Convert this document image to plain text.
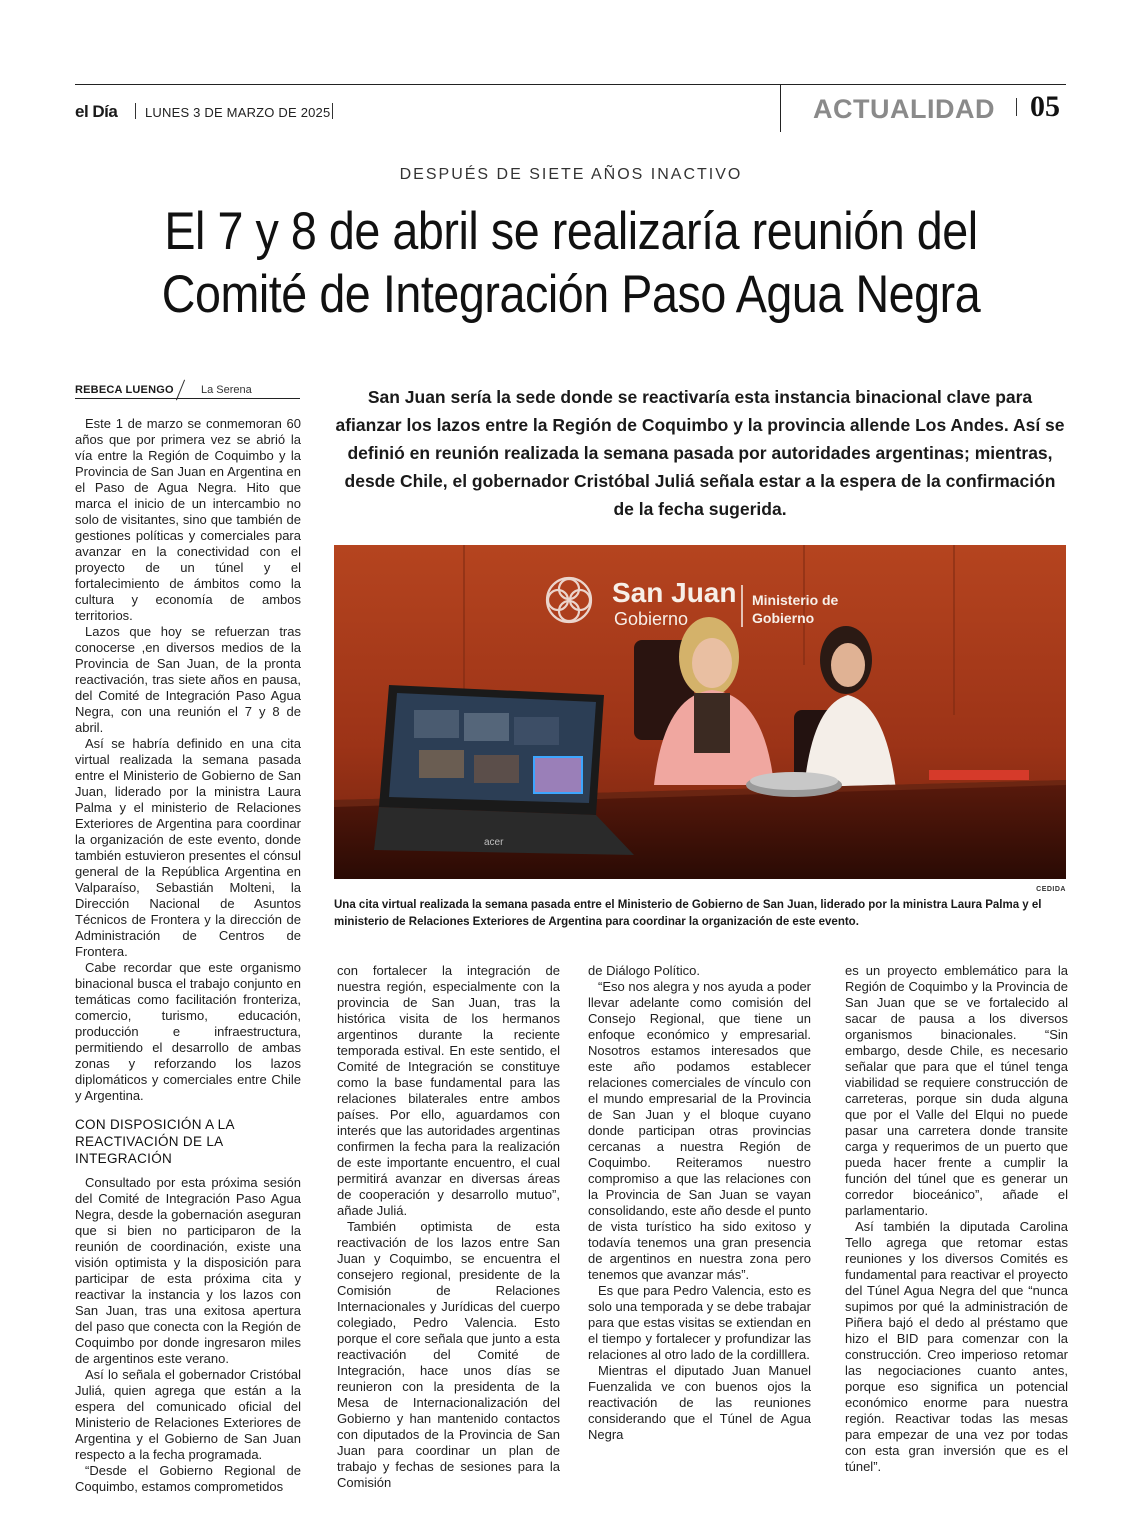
el Día LUNES 3 DE MARZO DE 2025	ACTUALIDAD 05
DESPUÉS DE SIETE AÑOS INACTIVO
El 7 y 8 de abril se realizaría reunión del
Comité de Integración Paso Agua Negra
REBECA LUENGO La Serena	San Juan sería la sede donde se reactivaría esta instancia binacional clave para afianzar los lazos entre la Región de Coquimbo y la provincia allende Los Andes. Así se definió en reunión realizada la semana pasada por autoridades argentinas; mientras, desde Chile, el gobernador Cristóbal Juliá señala estar a la espera de la confirmación de la fecha sugerida.
acer
San Juan
Gobierno
Ministerio de
Gobierno
CEDIDA
Una cita virtual realizada la semana pasada entre el Ministerio de Gobierno de San Juan, liderado por la ministra Laura Palma y el ministerio de Relaciones Exteriores de Argentina para coordinar la organización de este evento.

Este 1 de marzo se conmemoran 60 años que por primera vez se abrió la vía entre la Región de Coquimbo y la Provincia de San Juan en Argentina en el Paso de Agua Negra. Hito que marca el inicio de un intercambio no solo de visitantes, sino que también de gestiones políticas y comerciales para avanzar en la conectividad con el proyecto de un túnel y el fortalecimiento de ámbitos como la cultura y economía de ambos territorios.

Lazos que hoy se refuerzan tras conocerse ,en diversos medios de la Provincia de San Juan, de la pronta reactivación, tras siete años en pausa, del Comité de Integración Paso Agua Negra, con una reunión el 7 y 8 de abril.

Así se habría definido en una cita virtual realizada la semana pasada entre el Ministerio de Gobierno de San Juan, liderado por la ministra Laura Palma y el ministerio de Relaciones Exteriores de Argentina para coordinar la organización de este evento, donde también estuvieron presentes el cónsul general de la República Argentina en Valparaíso, Sebastián Molteni, la Dirección Nacional de Asuntos Técnicos de Frontera y la dirección de Administración de Centros de Frontera.

Cabe recordar que este organismo binacional busca el trabajo conjunto en temáticas como facilitación fronteriza, comercio, turismo, educación, producción e infraestructura, permitiendo el desarrollo de ambas zonas y reforzando los lazos diplomáticos y comerciales entre Chile y Argentina.

CON DISPOSICIÓN A LA REACTIVACIÓN DE LA INTEGRACIÓN

Consultado por esta próxima sesión del Comité de Integración Paso Agua Negra, desde la gobernación aseguran que si bien no participaron de la reunión de coordinación, existe una visión optimista y la disposición para participar de esta próxima cita y reactivar la instancia y los lazos con San Juan, tras una exitosa apertura del paso que conecta con la Región de Coquimbo por donde ingresaron miles de argentinos este verano.

Así lo señala el gobernador Cristóbal Juliá, quien agrega que están a la espera del comunicado oficial del Ministerio de Relaciones Exteriores de Argentina y el Gobierno de San Juan respecto a la fecha programada.

“Desde el Gobierno Regional de Coquimbo, estamos comprometidos

con fortalecer la integración de nuestra región, especialmente con la provincia de San Juan, tras la histórica visita de los hermanos argentinos durante la reciente temporada estival. En este sentido, el Comité de Integración se constituye como la base fundamental para las relaciones bilaterales entre ambos países. Por ello, aguardamos con interés que las autoridades argentinas confirmen la fecha para la realización de este importante encuentro, el cual permitirá avanzar en diversas áreas de cooperación y desarrollo mutuo”, añade Juliá.

También optimista de esta reactivación de los lazos entre San Juan y Coquimbo, se encuentra el consejero regional, presidente de la Comisión de Relaciones Internacionales y Jurídicas del cuerpo colegiado, Pedro Valencia. Esto porque el core señala que junto a esta reactivación del Comité de Integración, hace unos días se reunieron con la presidenta de la Mesa de Internacionalización del Gobierno y han mantenido contactos con diputados de la Provincia de San Juan para coordinar un plan de trabajo y fechas de sesiones para la Comisión

de Diálogo Político.

“Eso nos alegra y nos ayuda a poder llevar adelante como comisión del Consejo Regional, que tiene un enfoque económico y empresarial. Nosotros estamos interesados que este año podamos establecer relaciones comerciales de vínculo con el mundo empresarial de la Provincia de San Juan y el bloque cuyano donde participan otras provincias cercanas a nuestra Región de Coquimbo. Reiteramos nuestro compromiso a que las relaciones con la Provincia de San Juan se vayan consolidando, este año desde el punto de vista turístico ha sido exitoso y todavía tenemos una gran presencia de argentinos en nuestra zona pero tenemos que avanzar más”.

Es que para Pedro Valencia, esto es solo una temporada y se debe trabajar para que estas visitas se extiendan en el tiempo y fortalecer y profundizar las relaciones al otro lado de la cordilllera.

Mientras el diputado Juan Manuel Fuenzalida ve con buenos ojos la reactivación de las reuniones considerando que el Túnel de Agua Negra

es un proyecto emblemático para la Región de Coquimbo y la Provincia de San Juan que se ve fortalecido al sacar de pausa a los diversos organismos binacionales. “Sin embargo, desde Chile, es necesario señalar que para que el túnel tenga viabilidad se requiere construcción de carreteras, porque sin duda alguna que por el Valle del Elqui no puede pasar una carretera donde transite carga y requerimos de un puerto que pueda hacer frente a cumplir la función del túnel que es generar un corredor bioceánico”, añade el parlamentario.

Así también la diputada Carolina Tello agrega que retomar estas reuniones y los diversos Comités es fundamental para reactivar el proyecto del Túnel Agua Negra del que “nunca supimos por qué la administración de Piñera bajó el dedo al préstamo que hizo el BID para comenzar con la construcción. Creo imperioso retomar las negociaciones cuanto antes, porque eso significa un potencial económico enorme para nuestra región. Reactivar todas las mesas para empezar de una vez por todas con esta gran inversión que es el túnel”.
